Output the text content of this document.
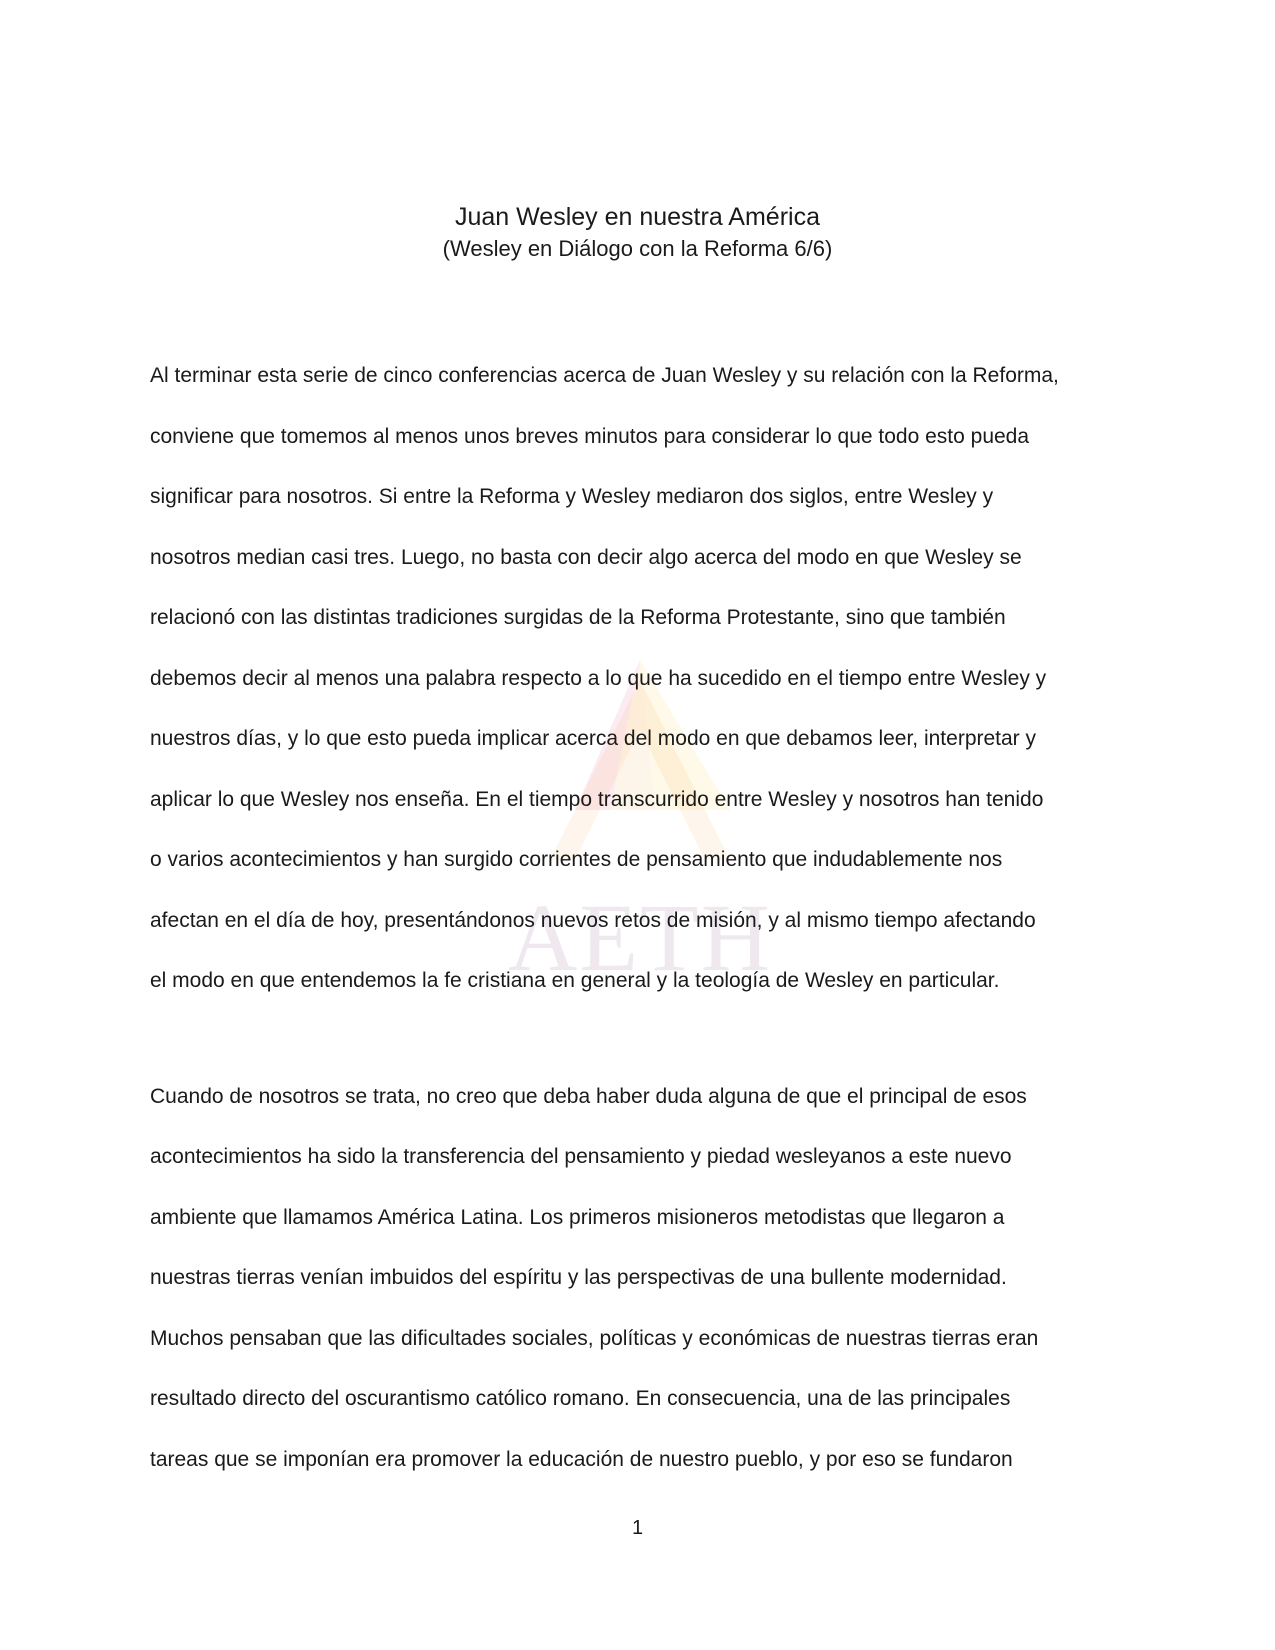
AETH
Juan Wesley en nuestra América
(Wesley en Diálogo con la Reforma 6/6)

Al terminar esta serie de cinco conferencias acerca de Juan Wesley y su relación con la Reforma,
conviene que tomemos al menos unos breves minutos para considerar lo que todo esto pueda
significar para nosotros. Si entre la Reforma y Wesley mediaron dos siglos, entre Wesley y
nosotros median casi tres. Luego, no basta con decir algo acerca del modo en que Wesley se
relacionó con las distintas tradiciones surgidas de la Reforma Protestante, sino que también
debemos decir al menos una palabra respecto a lo que ha sucedido en el tiempo entre Wesley y
nuestros días, y lo que esto pueda implicar acerca del modo en que debamos leer, interpretar y
aplicar lo que Wesley nos enseña. En el tiempo transcurrido entre Wesley y nosotros han tenido
o varios acontecimientos y han surgido corrientes de pensamiento que indudablemente nos
afectan en el día de hoy, presentándonos nuevos retos de misión, y al mismo tiempo afectando
el modo en que entendemos la fe cristiana en general y la teología de Wesley en particular.

Cuando de nosotros se trata, no creo que deba haber duda alguna de que el principal de esos
acontecimientos ha sido la transferencia del pensamiento y piedad wesleyanos a este nuevo
ambiente que llamamos América Latina. Los primeros misioneros metodistas que llegaron a
nuestras tierras venían imbuidos del espíritu y las perspectivas de una bullente modernidad.
Muchos pensaban que las dificultades sociales, políticas y económicas de nuestras tierras eran
resultado directo del oscurantismo católico romano. En consecuencia, una de las principales
tareas que se imponían era promover la educación de nuestro pueblo, y por eso se fundaron

1
